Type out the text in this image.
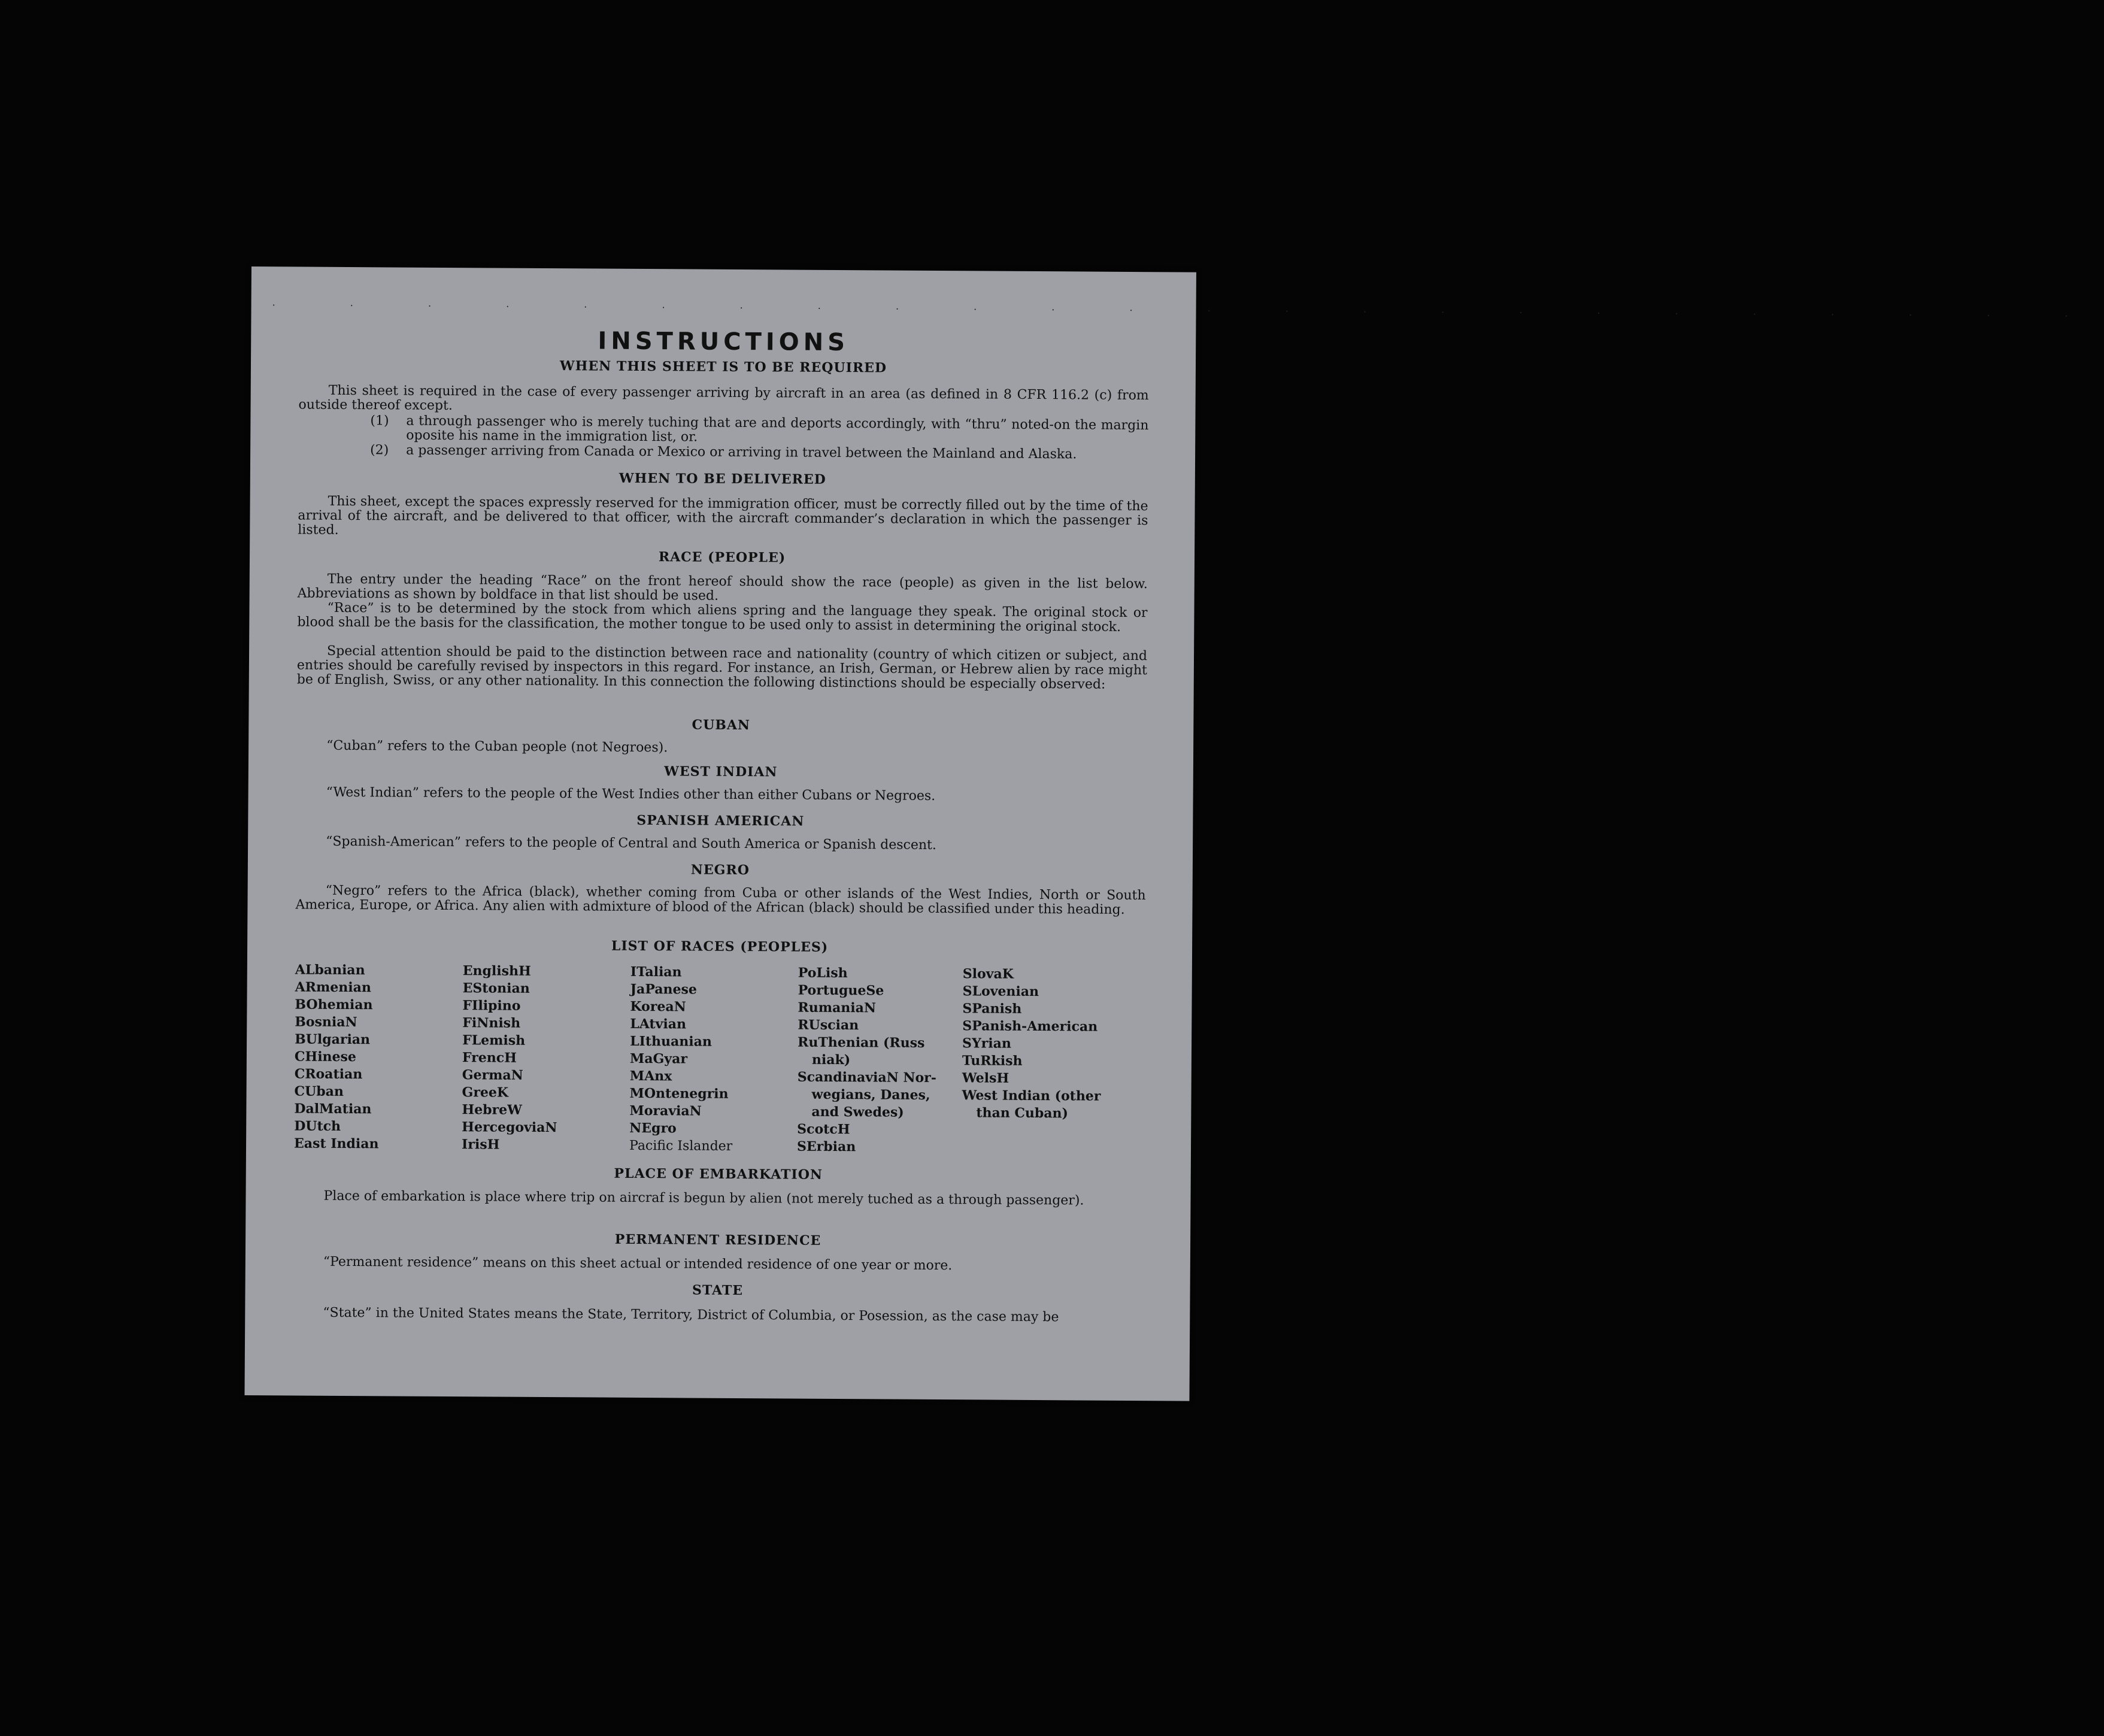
. . . . . . . . . . . . . . . . . . . . . . . .
INSTRUCTIONS
WHEN THIS SHEET IS TO BE REQUIRED
This sheet is required in the case of every passenger arriving by aircraft in an area (as defined in 8 CFR 116.2 (c) from outside thereof except.
(1) a through passenger who is merely tuching that are and deports accordingly, with “thru” noted-on the margin oposite his name in the immigration list, or.
(2) a passenger arriving from Canada or Mexico or arriving in travel between the Mainland and Alaska.
WHEN TO BE DELIVERED
This sheet, except the spaces expressly reserved for the immigration officer, must be correctly filled out by the time of the arrival of the aircraft, and be delivered to that officer, with the aircraft commander’s declaration in which the passenger is listed.
RACE (PEOPLE)
The entry under the heading “Race” on the front hereof should show the race (people) as given in the list below. Abbreviations as shown by boldface in that list should be used.
“Race” is to be determined by the stock from which aliens spring and the language they speak. The original stock or blood shall be the basis for the classification, the mother tongue to be used only to assist in determining the original stock.
Special attention should be paid to the distinction between race and nationality (country of which citizen or subject, and entries should be carefully revised by inspectors in this regard. For instance, an Irish, German, or Hebrew alien by race might be of English, Swiss, or any other nationality. In this connection the following distinctions should be especially observed:
CUBAN
“Cuban” refers to the Cuban people (not Negroes).
WEST INDIAN
“West Indian” refers to the people of the West Indies other than either Cubans or Negroes.
SPANISH AMERICAN
“Spanish-American” refers to the people of Central and South America or Spanish descent.
NEGRO
“Negro” refers to the Africa (black), whether coming from Cuba or other islands of the West Indies, North or South America, Europe, or Africa. Any alien with admixture of blood of the African (black) should be classified under this heading.
LIST OF RACES (PEOPLES)
ALbanian
ARmenian
BOhemian
BosniaN
BUlgarian
CHinese
CRoatian
CUban
DalMatian
DUtch
East Indian
EnglishH
EStonian
FIlipino
FiNnish
FLemish
FrencH
GermaN
GreeK
HebreW
HercegoviaN
IrisH
ITalian
JaPanese
KoreaN
LAtvian
LIthuanian
MaGyar
MAnx
MOntenegrin
MoraviaN
NEgro
Pacific Islander
PoLish
PortugueSe
RumaniaN
RUscian
RuThenian (Russ
niak)
ScandinaviaN Nor-
wegians, Danes,
and Swedes)
ScotcH
SErbian
SlovaK
SLovenian
SPanish
SPanish-American
SYrian
TuRkish
WelsH
West Indian (other
than Cuban)
PLACE OF EMBARKATION
Place of embarkation is place where trip on aircraf is begun by alien (not merely tuched as a through passenger).
PERMANENT RESIDENCE
“Permanent residence” means on this sheet actual or intended residence of one year or more.
STATE
“State” in the United States means the State, Territory, District of Columbia, or Posession, as the case may be
